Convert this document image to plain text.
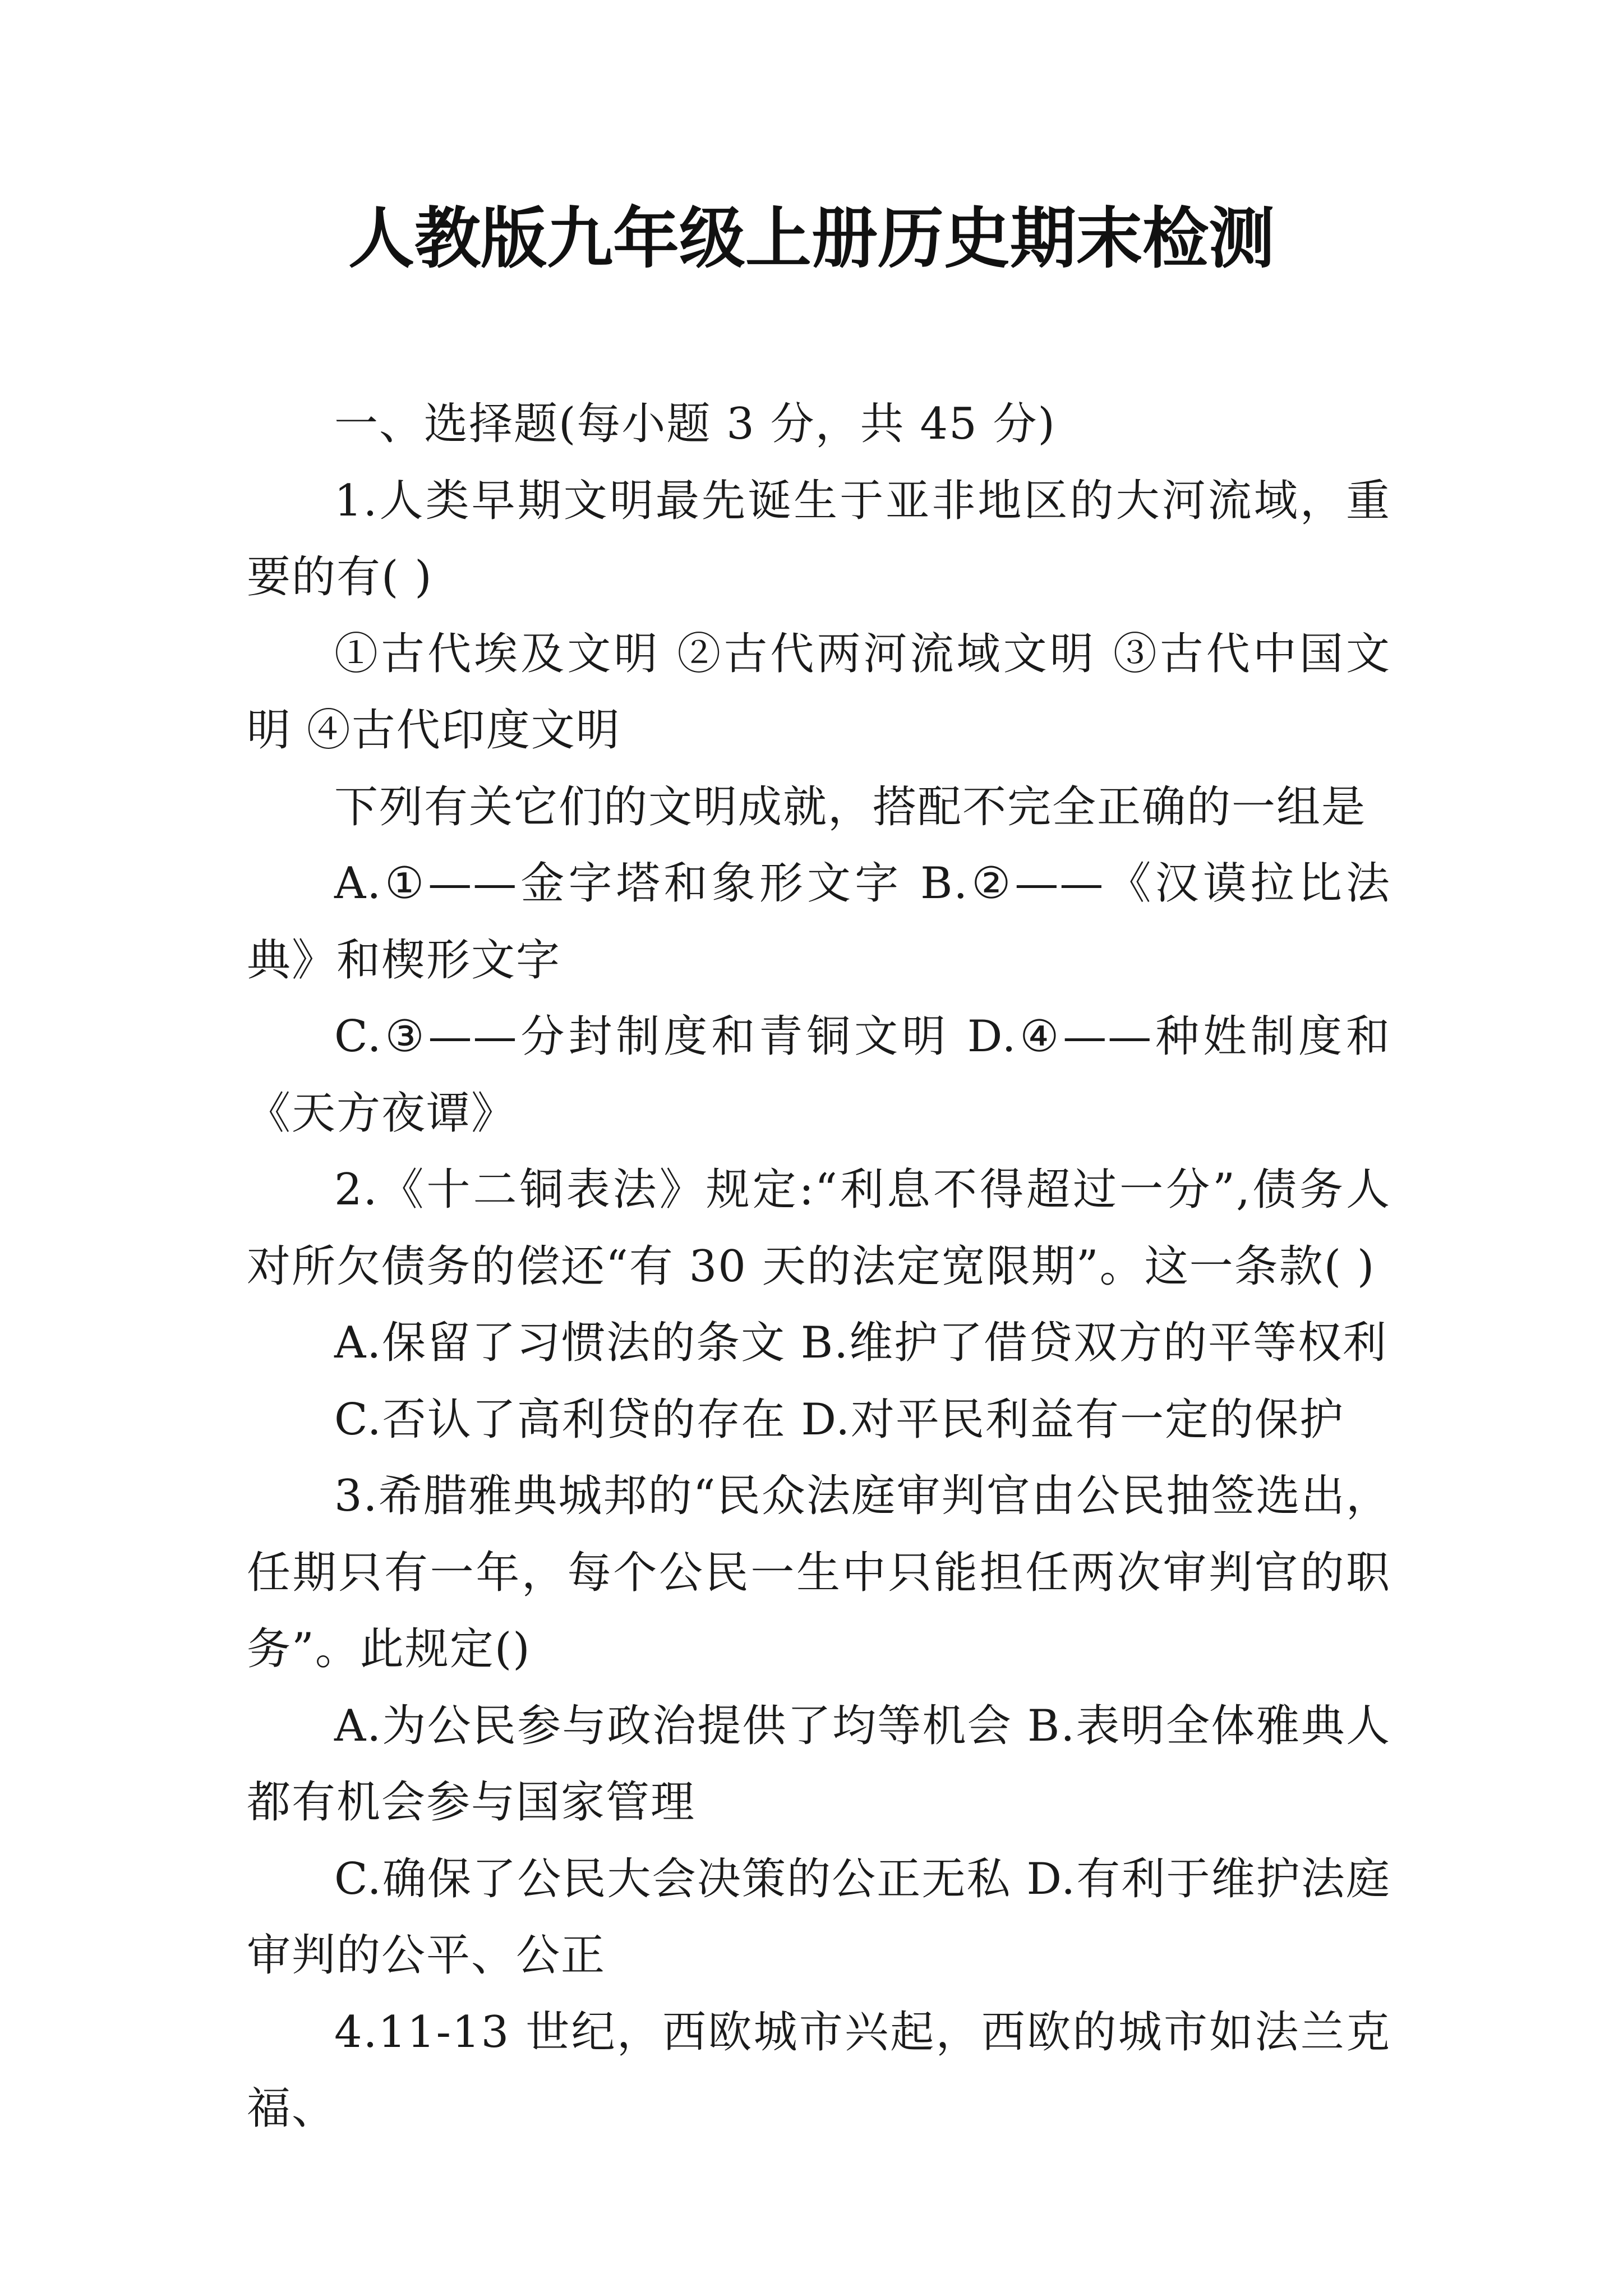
人教版九年级上册历史期末检测

一、选择题(每小题 3 分，共 45 分)

1.人类早期文明最先诞生于亚非地区的大河流域，重要的有( )

①古代埃及文明 ②古代两河流域文明 ③古代中国文明 ④古代印度文明

下列有关它们的文明成就，搭配不完全正确的一组是

A.①——金字塔和象形文字 B.②——《汉谟拉比法典》和楔形文字

C.③——分封制度和青铜文明 D.④——种姓制度和《天方夜谭》

2.《十二铜表法》规定:“利息不得超过一分”,债务人对所欠债务的偿还“有 30 天的法定宽限期”。这一条款( )

A.保留了习惯法的条文 B.维护了借贷双方的平等权利

C.否认了高利贷的存在 D.对平民利益有一定的保护

3.希腊雅典城邦的“民众法庭审判官由公民抽签选出，任期只有一年，每个公民一生中只能担任两次审判官的职务”。此规定()

A.为公民参与政治提供了均等机会 B.表明全体雅典人都有机会参与国家管理

C.确保了公民大会决策的公正无私 D.有利于维护法庭审判的公平、公正

4.11-13 世纪，西欧城市兴起，西欧的城市如法兰克福、
